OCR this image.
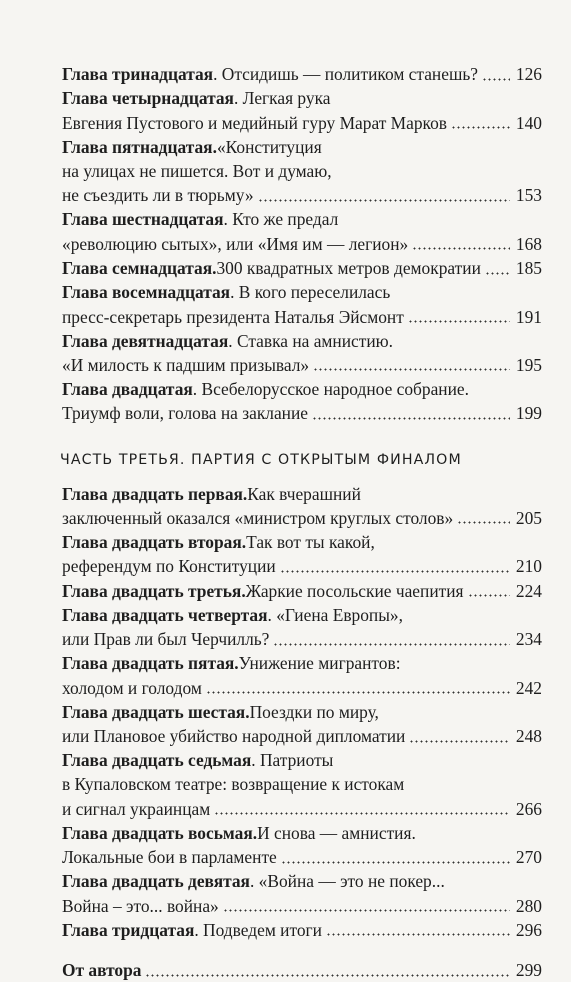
Глава тринадцатая . Отсидишь — политиком станешь? 126
Глава четырнадцатая . Легкая рука
Евгения Пустового и медийный гуру Марат Марков	140
Глава пятнадцатая. «Конституция
на улицах не пишется. Вот и думаю,
не съездить ли в тюрьму»	153
Глава шестнадцатая . Кто же предал
«революцию сытых», или «Имя им — легион»	168
Глава семнадцатая. 300 квадратных метров демократии 185
Глава восемнадцатая . В кого переселилась
пресс-секретарь президента Наталья Эйсмонт	191
Глава девятнадцатая . Ставка на амнистию.
«И милость к падшим призывал»	195
Глава двадцатая . Всебелорусское народное собрание.
Триумф воли, голова на заклание	199
ЧАСТЬ ТРЕТЬЯ. ПАРТИЯ С ОТКРЫТЫМ ФИНАЛОМ
Глава двадцать первая. Как вчерашний
заключенный оказался «министром круглых столов»	205
Глава двадцать вторая. Так вот ты какой,
референдум по Конституции	210
Глава двадцать третья. Жаркие посольские чаепития	224
Глава двадцать четвертая . «Гиена Европы»,
или Прав ли был Черчилль?	234
Глава двадцать пятая. Унижение мигрантов:
холодом и голодом	242
Глава двадцать шестая. Поездки по миру,
или Плановое убийство народной дипломатии	248
Глава двадцать седьмая . Патриоты
в Купаловском театре: возвращение к истокам
и сигнал украинцам	266
Глава двадцать восьмая. И снова — амнистия.
Локальные бои в парламенте	270
Глава двадцать девятая . «Война — это не покер...
Война – это... война»	280
Глава тридцатая . Подведем итоги	296
От автора	299
